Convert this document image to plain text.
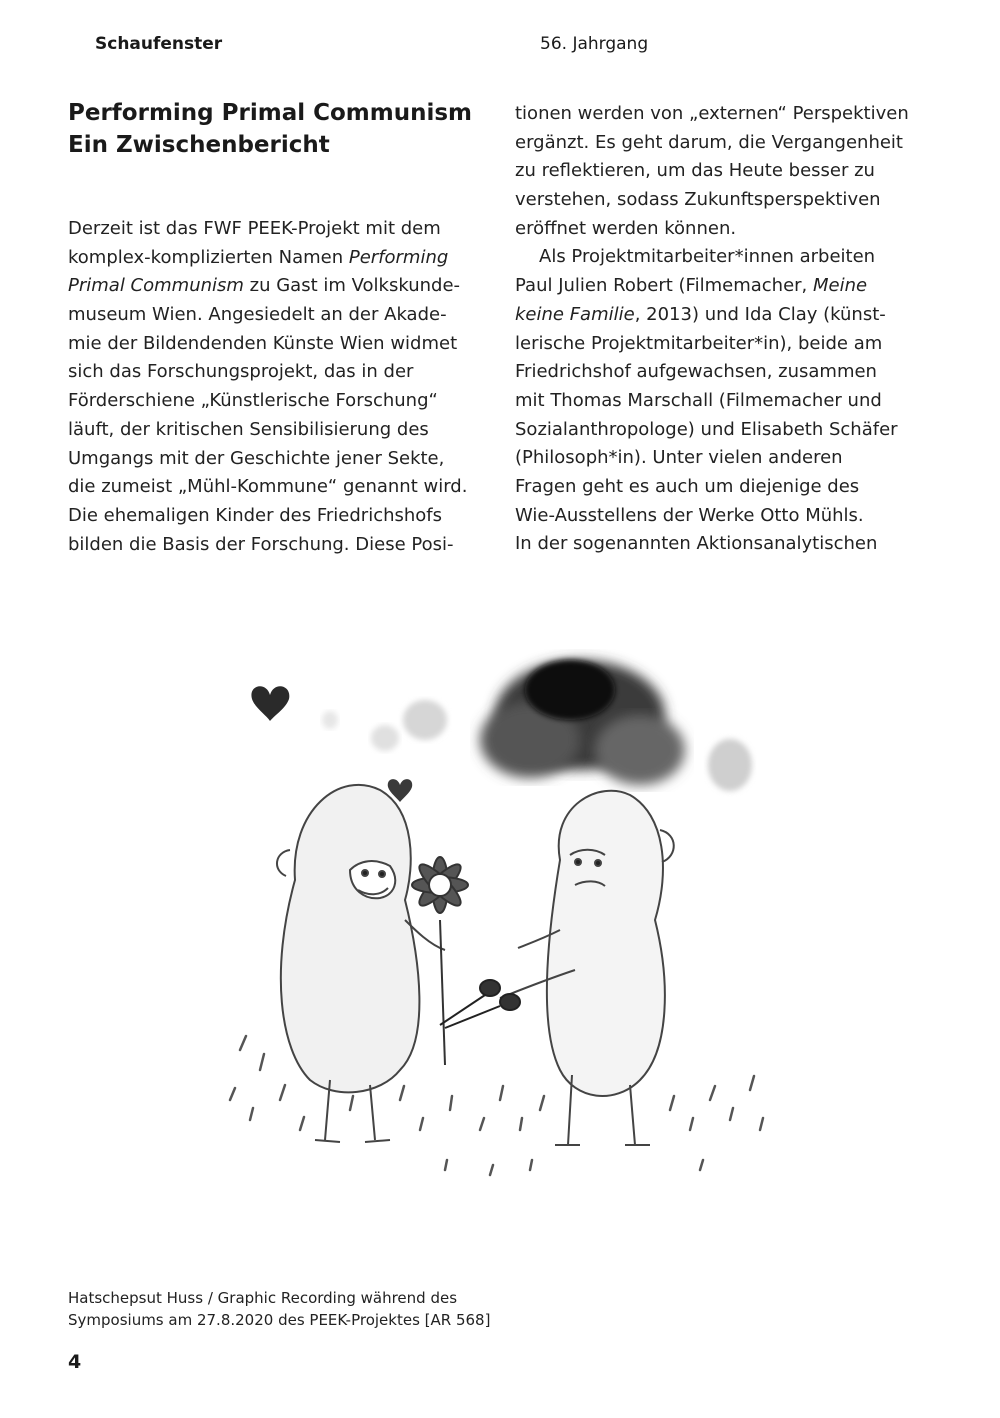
Schaufenster	56. Jahrgang
Performing Primal Communism
Ein Zwischenbericht
Derzeit ist das FWF PEEK-Projekt mit dem
komplex-komplizierten Namen Performing
Primal Communism zu Gast im Volkskunde-
museum Wien. Angesiedelt an der Akade-
mie der Bildendenden Künste Wien widmet
sich das Forschungsprojekt, das in der
Förderschiene „Künstlerische Forschung“
läuft, der kritischen Sensibilisierung des
Umgangs mit der Geschichte jener Sekte,
die zumeist „Mühl-Kommune“ genannt wird.
Die ehemaligen Kinder des Friedrichshofs
bilden die Basis der Forschung. Diese Posi-
tionen werden von „externen“ Perspektiven
ergänzt. Es geht darum, die Vergangenheit
zu reflektieren, um das Heute besser zu
verstehen, sodass Zukunftsperspektiven
eröffnet werden können.
Als Projektmitarbeiter*innen arbeiten
Paul Julien Robert (Filmemacher, Meine
keine Familie, 2013) und Ida Clay (künst-
lerische Projektmitarbeiter*in), beide am
Friedrichshof aufgewachsen, zusammen
mit Thomas Marschall (Filmemacher und
Sozialanthropologe) und Elisabeth Schäfer
(Philosoph*in). Unter vielen anderen
Fragen geht es auch um diejenige des
Wie-Ausstellens der Werke Otto Mühls.
In der sogenannten Aktionsanalytischen
Hatschepsut Huss / Graphic Recording während des
Symposiums am 27.8.2020 des PEEK-Projektes [AR 568]
4
